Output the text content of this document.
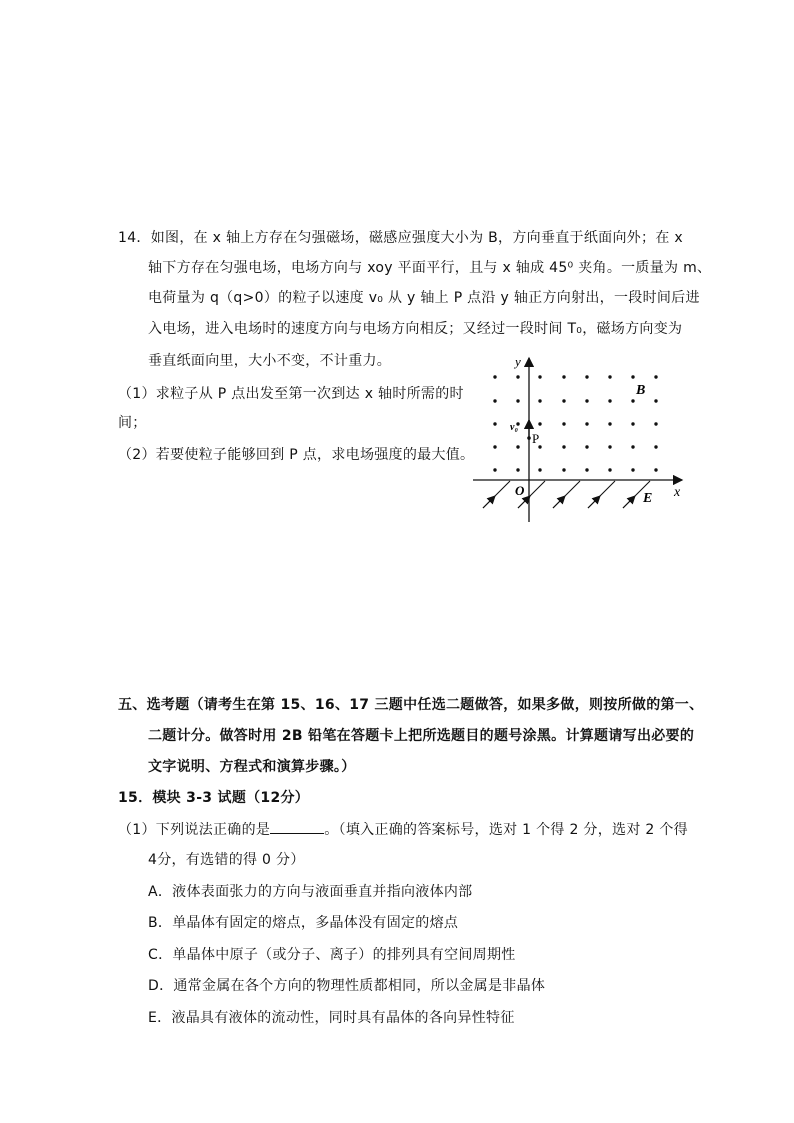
14．如图，在 x 轴上方存在匀强磁场，磁感应强度大小为 B，方向垂直于纸面向外；在 x
轴下方存在匀强电场，电场方向与 xoy 平面平行，且与 x 轴成 45⁰ 夹角。一质量为 m、
电荷量为 q（q>0）的粒子以速度 v₀ 从 y 轴上 P 点沿 y 轴正方向射出，一段时间后进
入电场，进入电场时的速度方向与电场方向相反；又经过一段时间 T₀，磁场方向变为
垂直纸面向里，大小不变，不计重力。
（1）求粒子从 P 点出发至第一次到达 x 轴时所需的时
间；
（2）若要使粒子能够回到 P 点，求电场强度的最大值。
y
x
O
B
E
v₀
P
五、选考题（请考生在第 15、16、17 三题中任选二题做答，如果多做，则按所做的第一、
二题计分。做答时用 2B 铅笔在答题卡上把所选题目的题号涂黑。计算题请写出必要的
文字说明、方程式和演算步骤。）
15．模块 3-3 试题（12分）
（1）下列说法正确的是	。（填入正确的答案标号，选对 1 个得 2 分，选对 2 个得
4分，有选错的得 0 分）
A．液体表面张力的方向与液面垂直并指向液体内部
B．单晶体有固定的熔点，多晶体没有固定的熔点
C．单晶体中原子（或分子、离子）的排列具有空间周期性
D．通常金属在各个方向的物理性质都相同，所以金属是非晶体
E．液晶具有液体的流动性，同时具有晶体的各向异性特征
